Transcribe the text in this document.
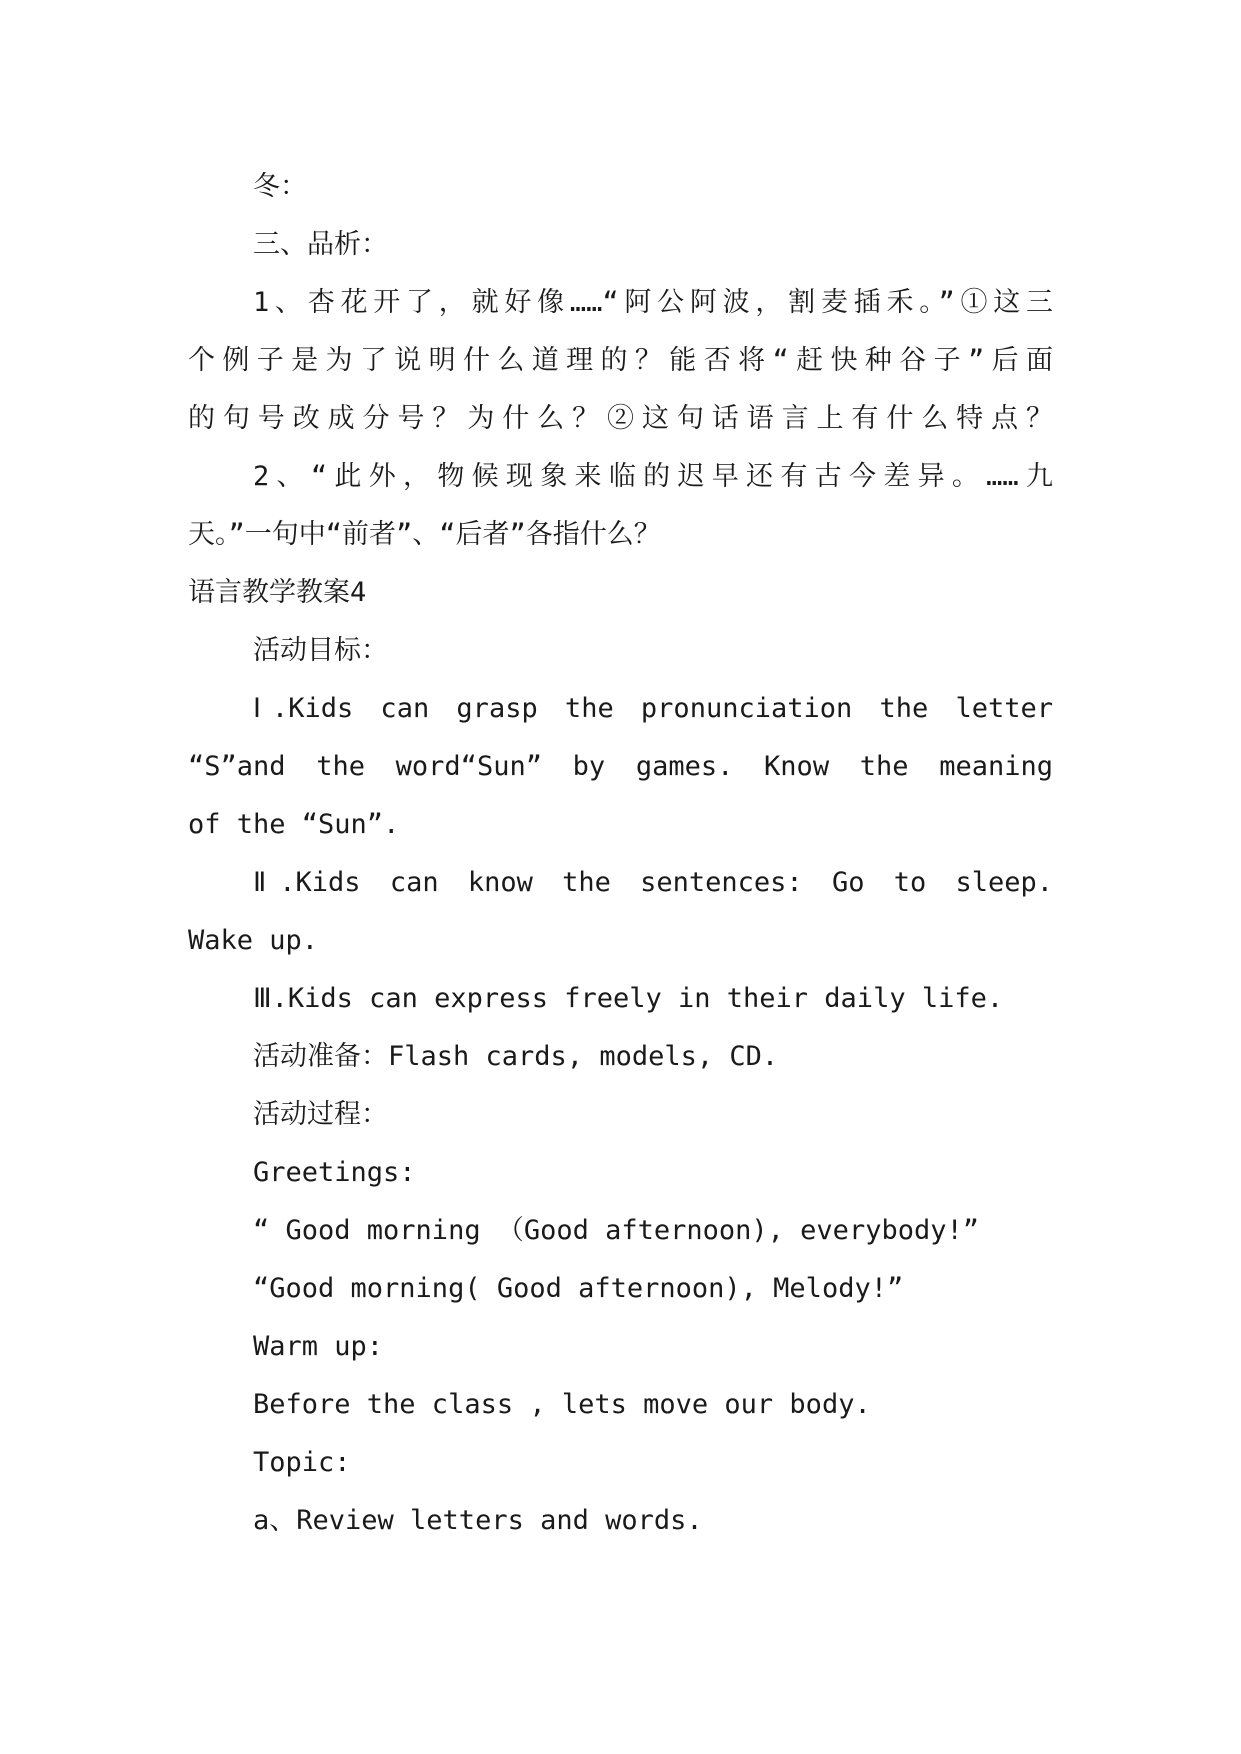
冬：
三、品析：
1、杏花开了，就好像……“阿公阿波，割麦插禾。”①这三
个例子是为了说明什么道理的？能否将“赶快种谷子”后面
的句号改成分号？为什么？②这句话语言上有什么特点？
2、“此外，物候现象来临的迟早还有古今差异。……九
天。”一句中“前者”、“后者”各指什么？
语言教学教案4
活动目标：
Ⅰ.Kids can grasp the pronunciation the letter
“S”and the word“Sun” by games. Know the meaning
of the “Sun”.
Ⅱ.Kids can know the sentences: Go to sleep.
Wake up.
Ⅲ.Kids can express freely in their daily life.
活动准备：Flash cards, models, CD.
活动过程：
Greetings:
“ Good morning （Good afternoon), everybody!”
“Good morning( Good afternoon), Melody!”
Warm up:
Before the class , lets move our body.
Topic:
a、Review letters and words.
